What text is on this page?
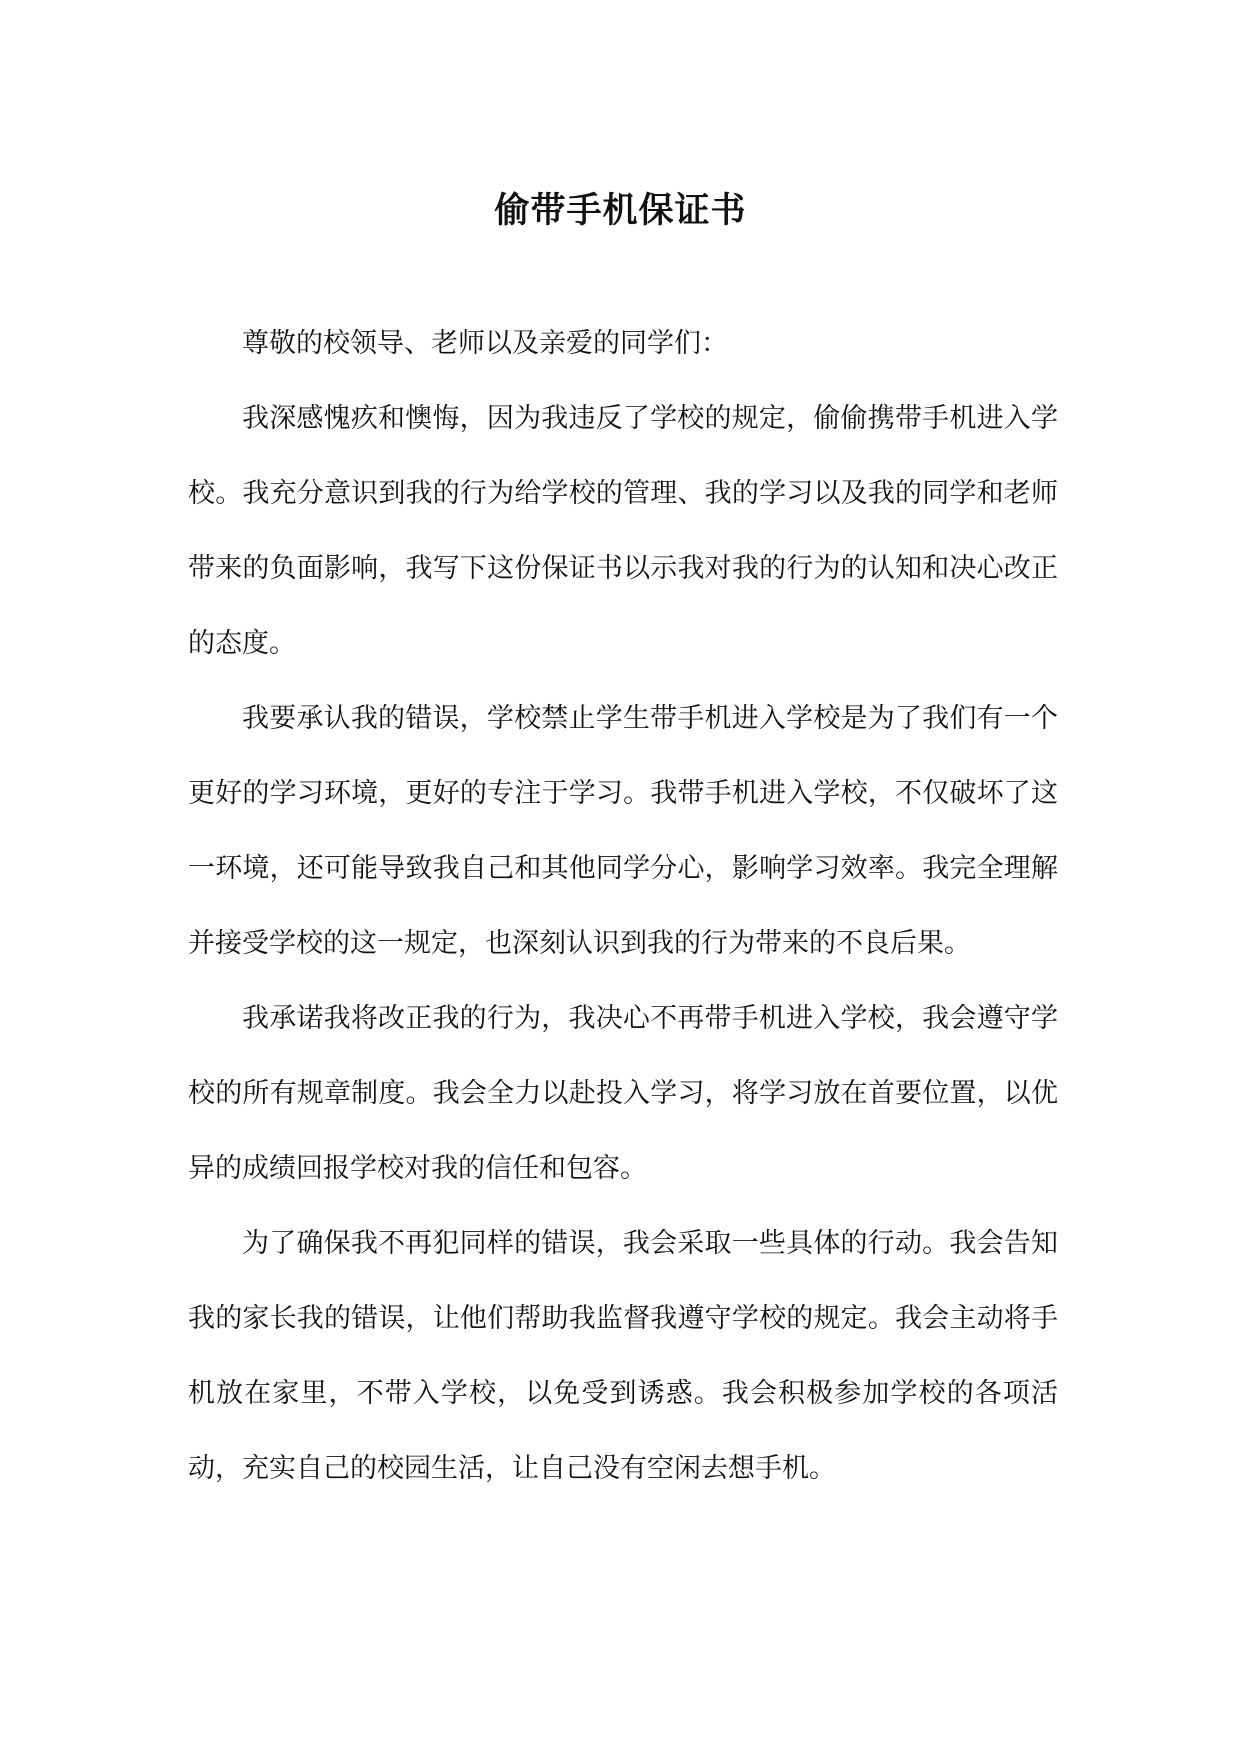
偷带手机保证书

尊敬的校领导、老师以及亲爱的同学们：

我深感愧疚和懊悔，因为我违反了学校的规定，偷偷携带手机进入学校。我充分意识到我的行为给学校的管理、我的学习以及我的同学和老师带来的负面影响，我写下这份保证书以示我对我的行为的认知和决心改正的态度。

我要承认我的错误，学校禁止学生带手机进入学校是为了我们有一个更好的学习环境，更好的专注于学习。我带手机进入学校，不仅破坏了这一环境，还可能导致我自己和其他同学分心，影响学习效率。我完全理解并接受学校的这一规定，也深刻认识到我的行为带来的不良后果。

我承诺我将改正我的行为，我决心不再带手机进入学校，我会遵守学校的所有规章制度。我会全力以赴投入学习，将学习放在首要位置，以优异的成绩回报学校对我的信任和包容。

为了确保我不再犯同样的错误，我会采取一些具体的行动。我会告知我的家长我的错误，让他们帮助我监督我遵守学校的规定。我会主动将手机放在家里，不带入学校，以免受到诱惑。我会积极参加学校的各项活动，充实自己的校园生活，让自己没有空闲去想手机。
